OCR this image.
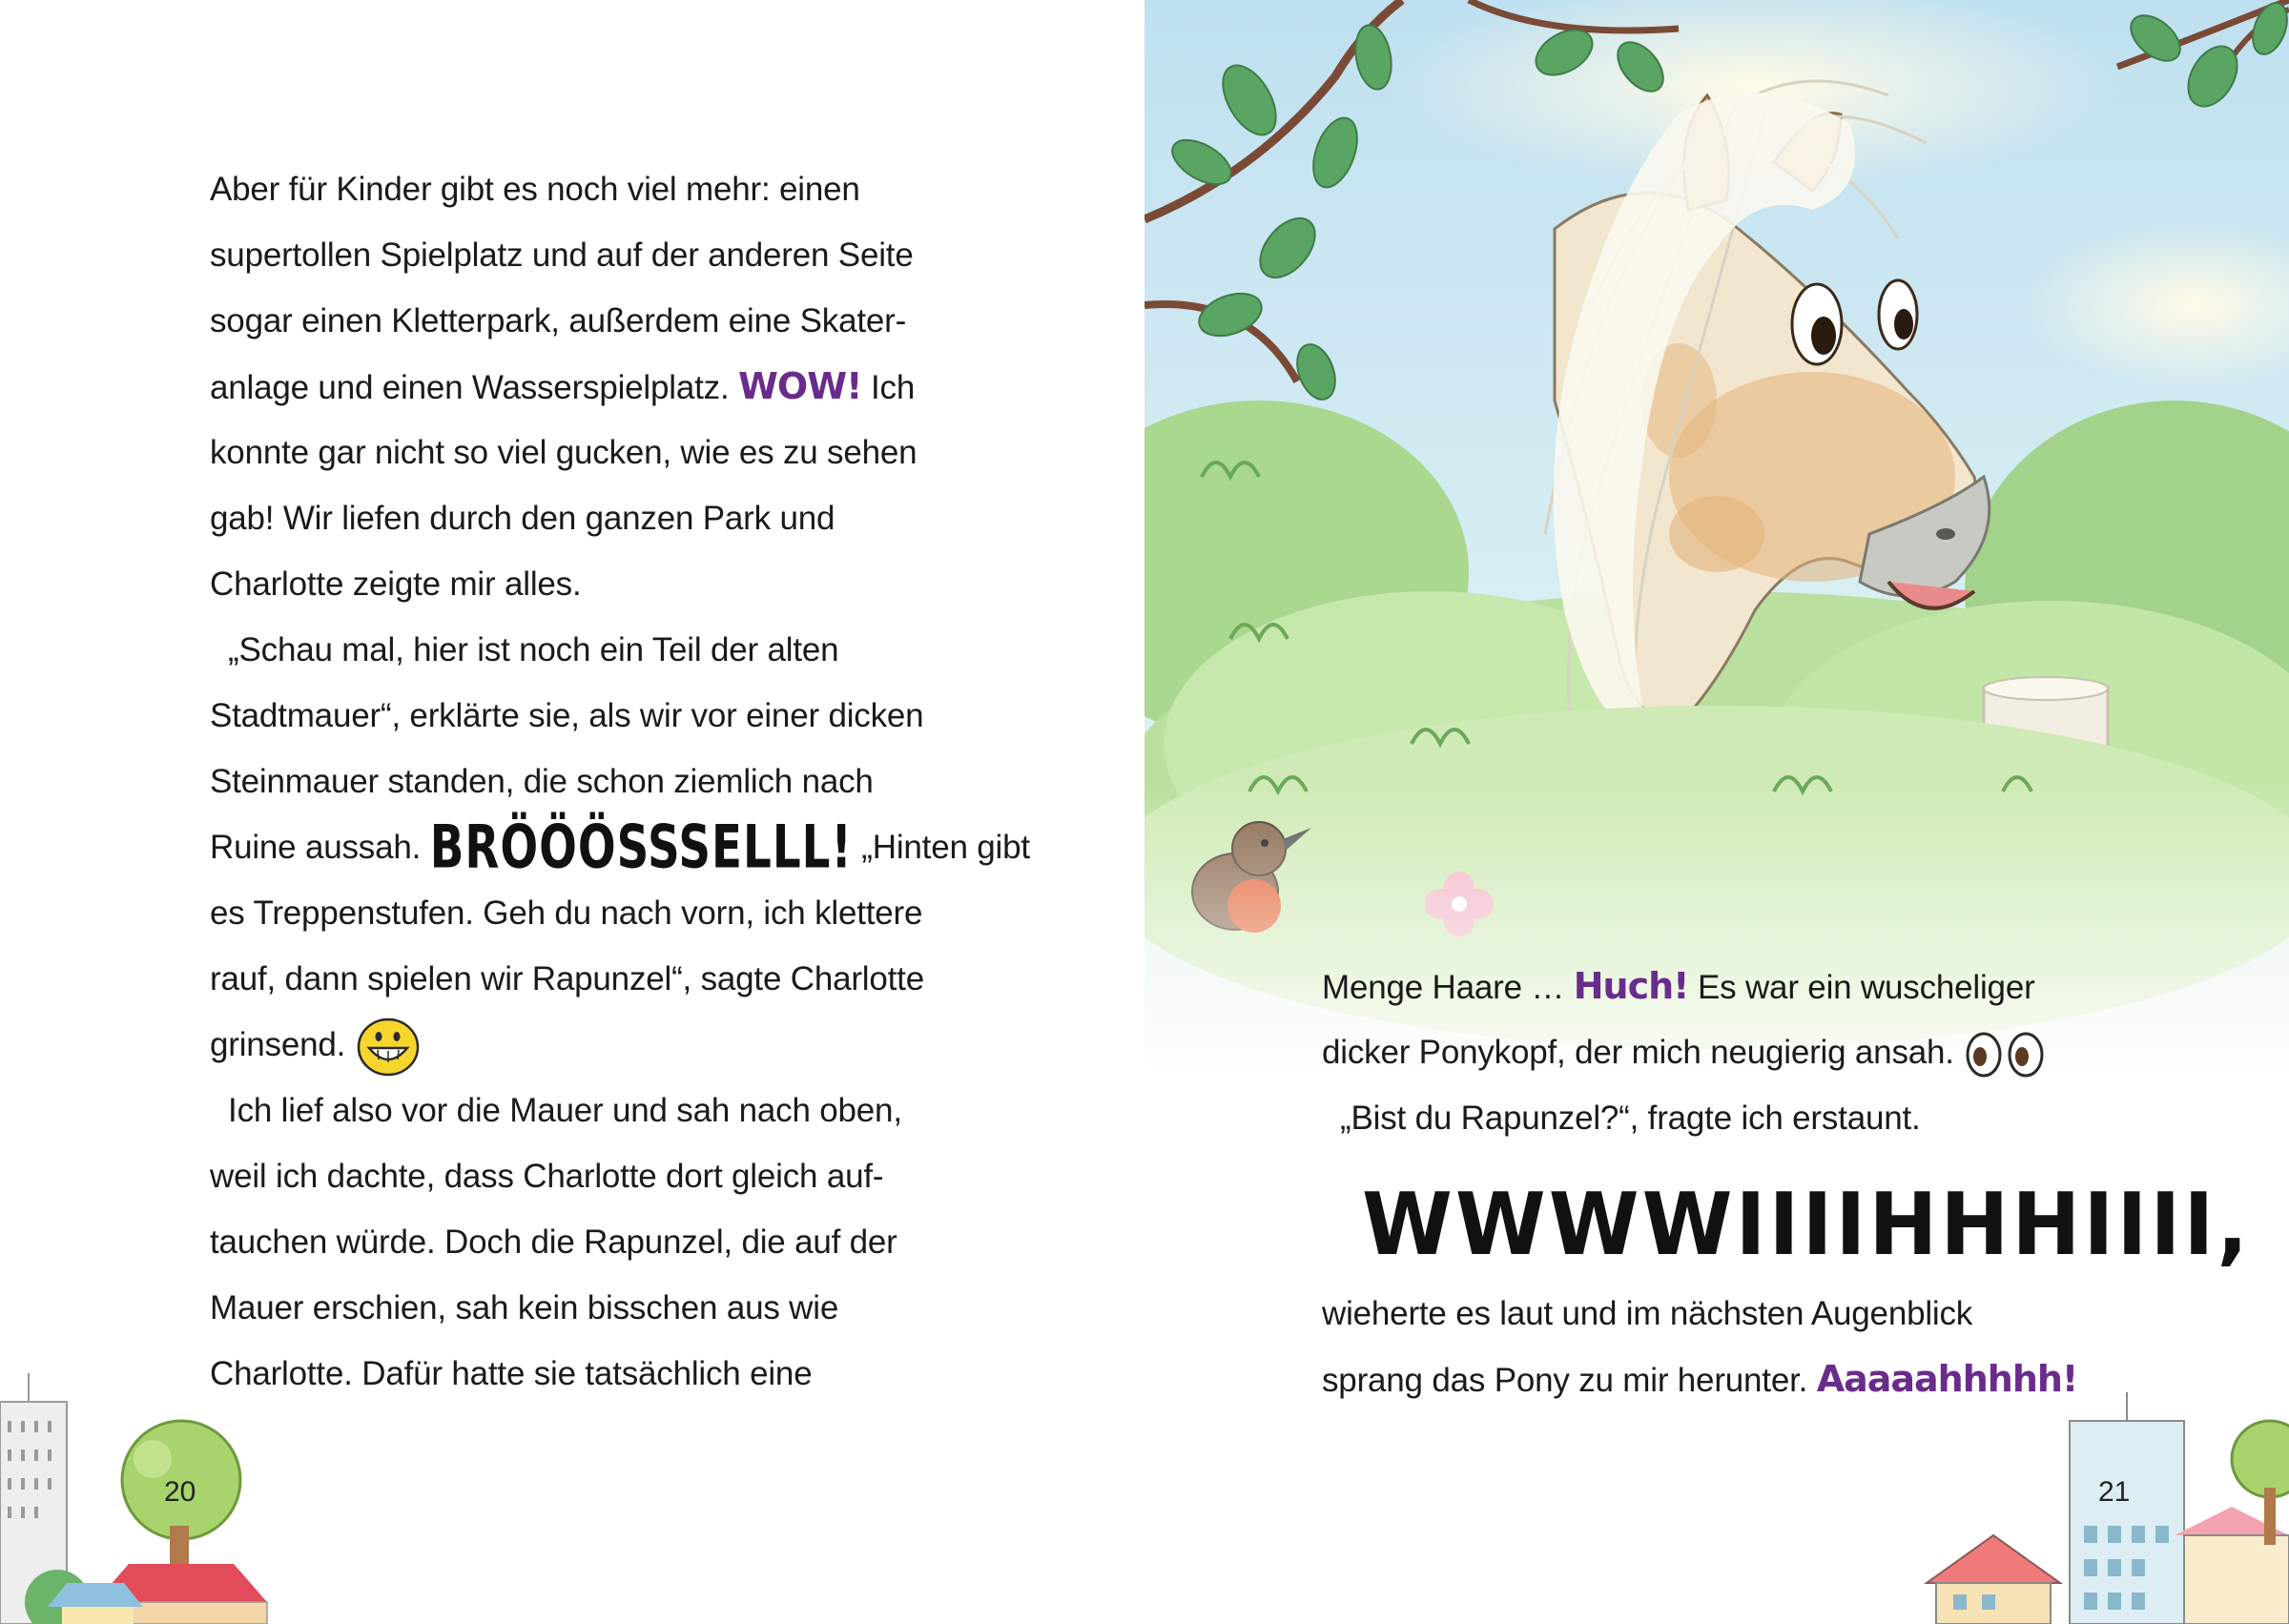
Aber für Kinder gibt es noch viel mehr: einen
supertollen Spielplatz und auf der anderen Seite
sogar einen Kletterpark, außerdem eine Skater-
anlage und einen Wasserspielplatz. WOW! Ich
konnte gar nicht so viel gucken, wie es zu sehen
gab! Wir liefen durch den ganzen Park und
Charlotte zeigte mir alles.
„Schau mal, hier ist noch ein Teil der alten
Stadtmauer“, erklärte sie, als wir vor einer dicken
Steinmauer standen, die schon ziemlich nach
Ruine aussah. BRÖÖÖSSSELLL! „Hinten gibt
es Treppenstufen. Geh du nach vorn, ich klettere
rauf, dann spielen wir Rapunzel“, sagte Charlotte
grinsend.
Ich lief also vor die Mauer und sah nach oben,
weil ich dachte, dass Charlotte dort gleich auf-
tauchen würde. Doch die Rapunzel, die auf der
Mauer erschien, sah kein bisschen aus wie
Charlotte. Dafür hatte sie tatsächlich eine
20
Menge Haare … Huch! Es war ein wuscheliger
dicker Ponykopf, der mich neugierig ansah.
„Bist du Rapunzel?“, fragte ich erstaunt.
WWWWIIIIHHHIIII,
wieherte es laut und im nächsten Augenblick
sprang das Pony zu mir herunter. Aaaaahhhhh!
21
